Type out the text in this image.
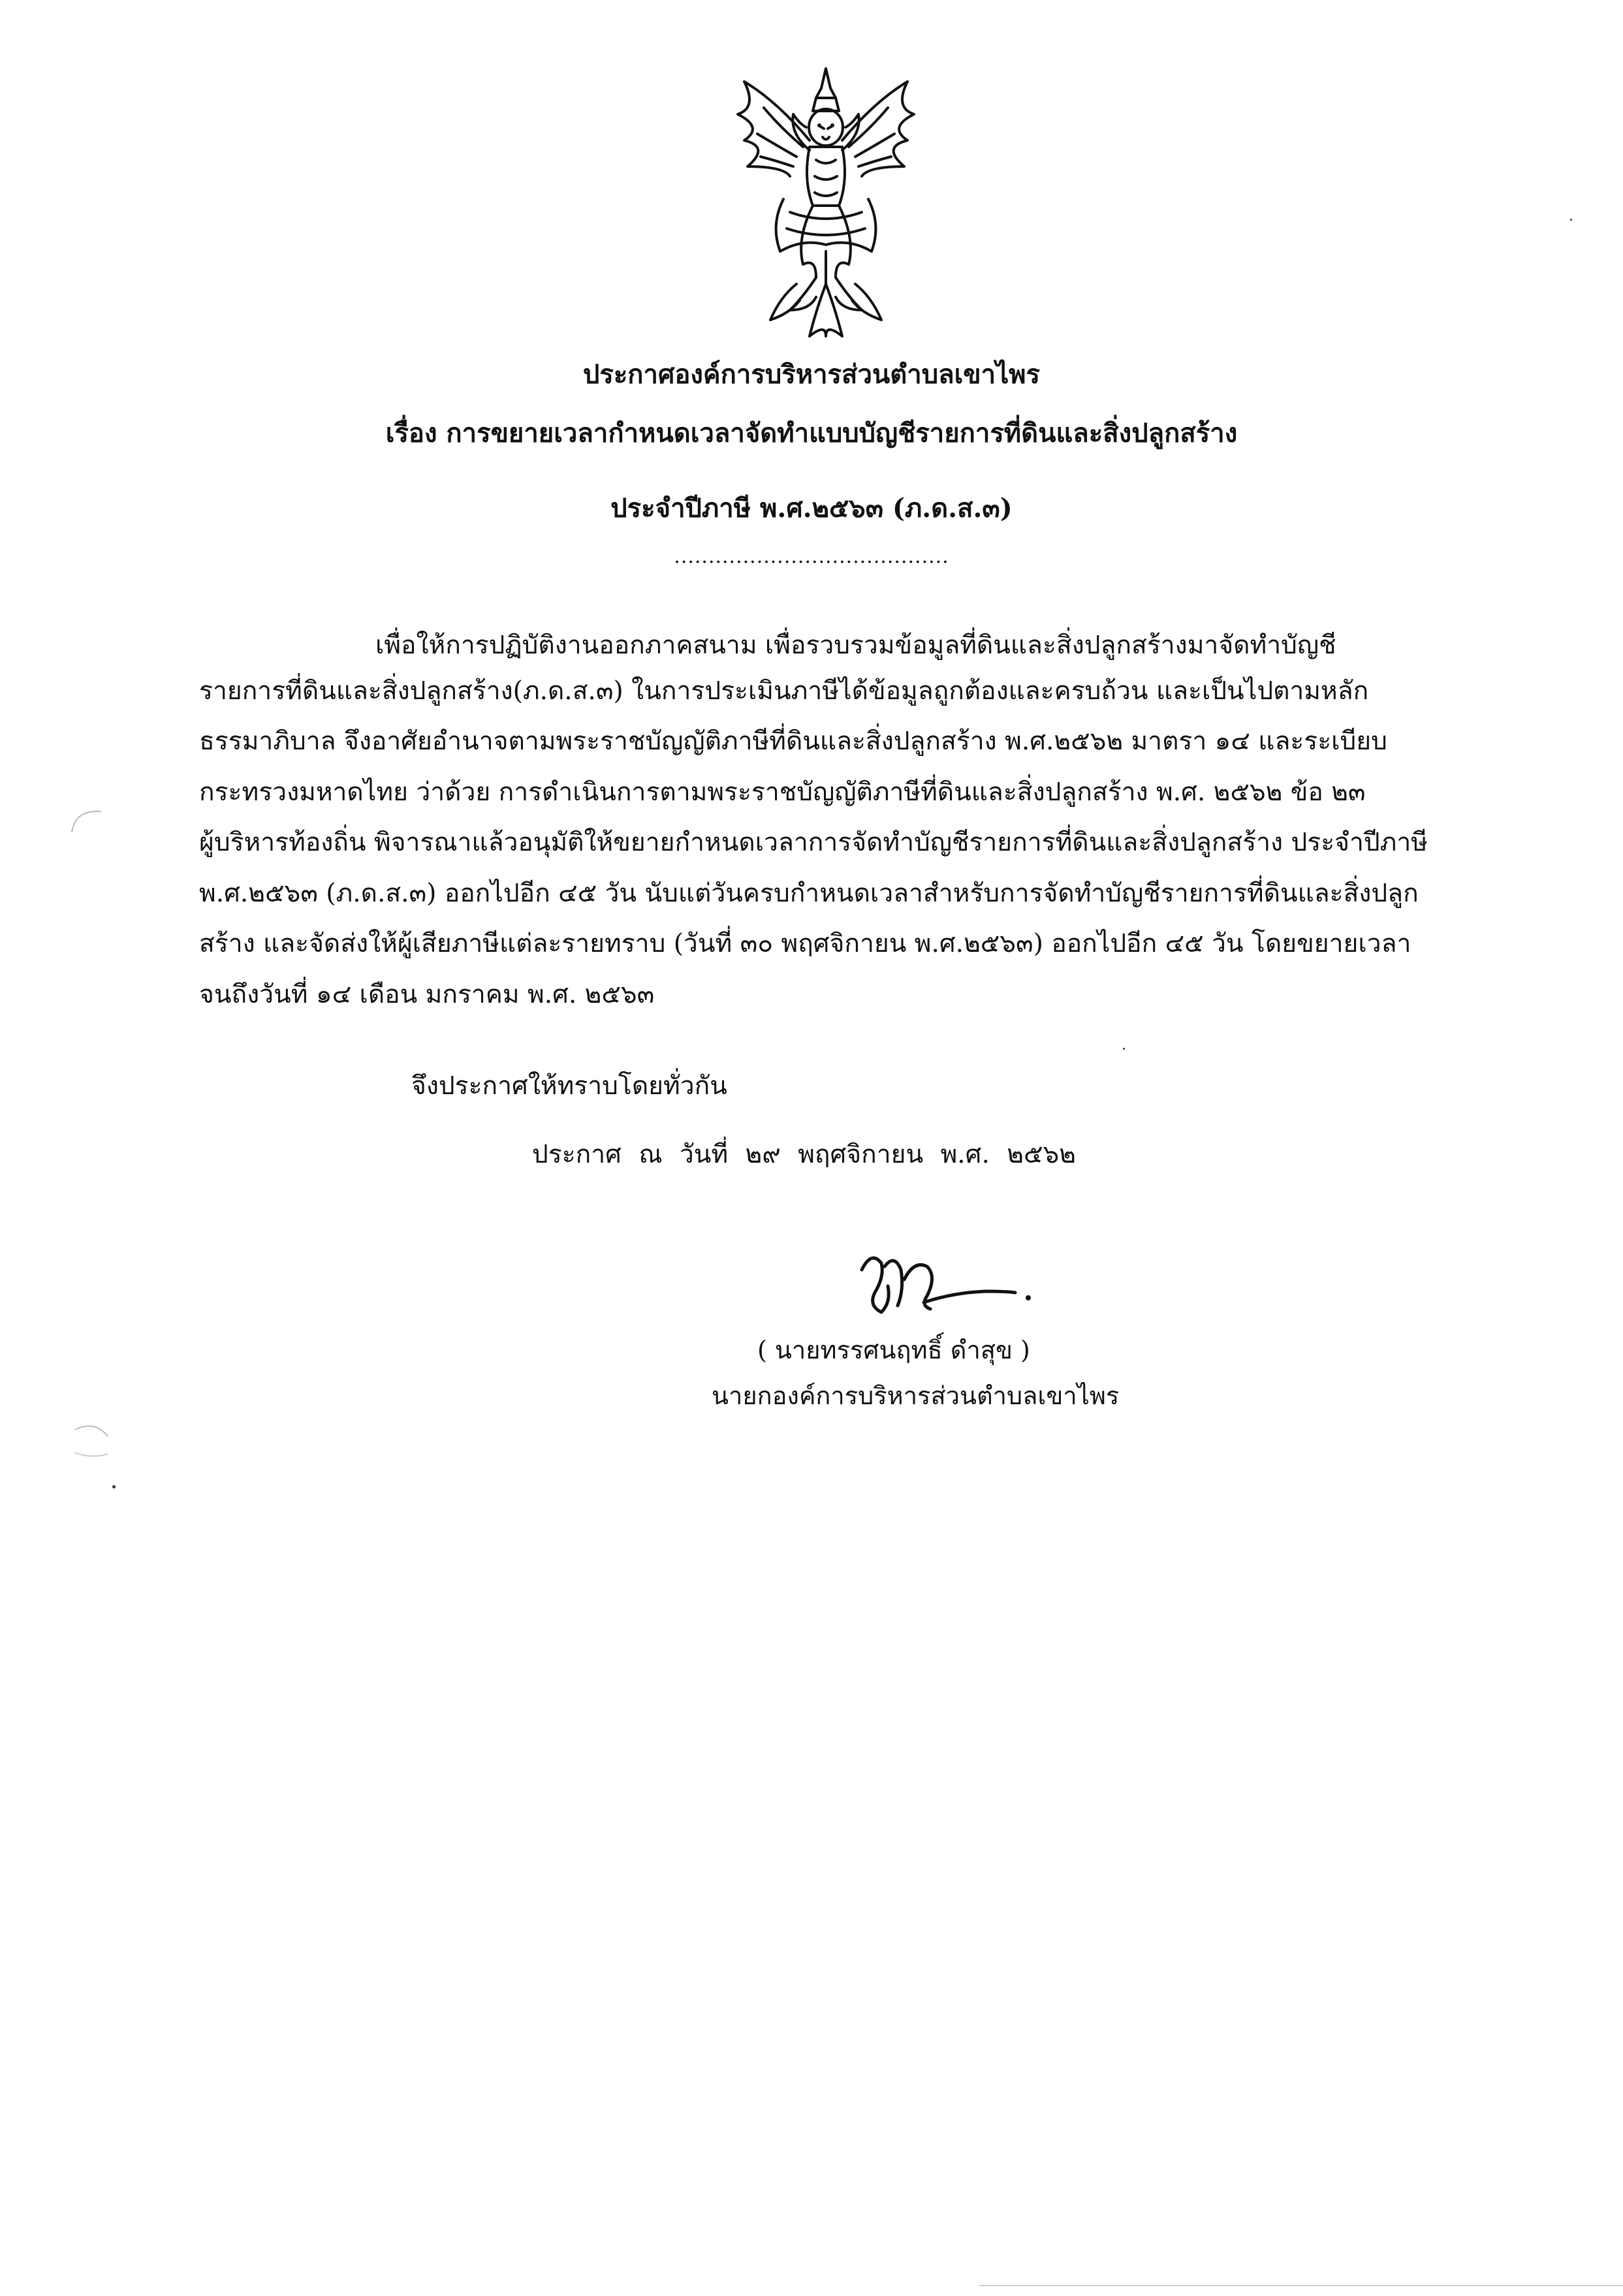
ประกาศองค์การบริหารส่วนตำบลเขาไพร
เรื่อง การขยายเวลากำหนดเวลาจัดทำแบบบัญชีรายการที่ดินและสิ่งปลูกสร้าง
ประจำปีภาษี พ.ศ.๒๕๖๓ (ภ.ด.ส.๓)
........................................
เพื่อให้การปฏิบัติงานออกภาคสนาม เพื่อรวบรวมข้อมูลที่ดินและสิ่งปลูกสร้างมาจัดทำบัญชี
รายการที่ดินและสิ่งปลูกสร้าง(ภ.ด.ส.๓) ในการประเมินภาษีได้ข้อมูลถูกต้องและครบถ้วน และเป็นไปตามหลัก
ธรรมาภิบาล จึงอาศัยอำนาจตามพระราชบัญญัติภาษีที่ดินและสิ่งปลูกสร้าง พ.ศ.๒๕๖๒ มาตรา ๑๔ และระเบียบ
กระทรวงมหาดไทย ว่าด้วย การดำเนินการตามพระราชบัญญัติภาษีที่ดินและสิ่งปลูกสร้าง พ.ศ. ๒๕๖๒ ข้อ ๒๓
ผู้บริหารท้องถิ่น พิจารณาแล้วอนุมัติให้ขยายกำหนดเวลาการจัดทำบัญชีรายการที่ดินและสิ่งปลูกสร้าง ประจำปีภาษี
พ.ศ.๒๕๖๓ (ภ.ด.ส.๓) ออกไปอีก ๔๕ วัน นับแต่วันครบกำหนดเวลาสำหรับการจัดทำบัญชีรายการที่ดินและสิ่งปลูก
สร้าง และจัดส่งให้ผู้เสียภาษีแต่ละรายทราบ (วันที่ ๓๐ พฤศจิกายน พ.ศ.๒๕๖๓) ออกไปอีก ๔๕ วัน โดยขยายเวลา
จนถึงวันที่ ๑๔ เดือน มกราคม พ.ศ. ๒๕๖๓
จึงประกาศให้ทราบโดยทั่วกัน
ประกาศ ณ วันที่ ๒๙ พฤศจิกายน พ.ศ. ๒๕๖๒
( นายทรรศนฤทธิ์ ดำสุข )
นายกองค์การบริหารส่วนตำบลเขาไพร
